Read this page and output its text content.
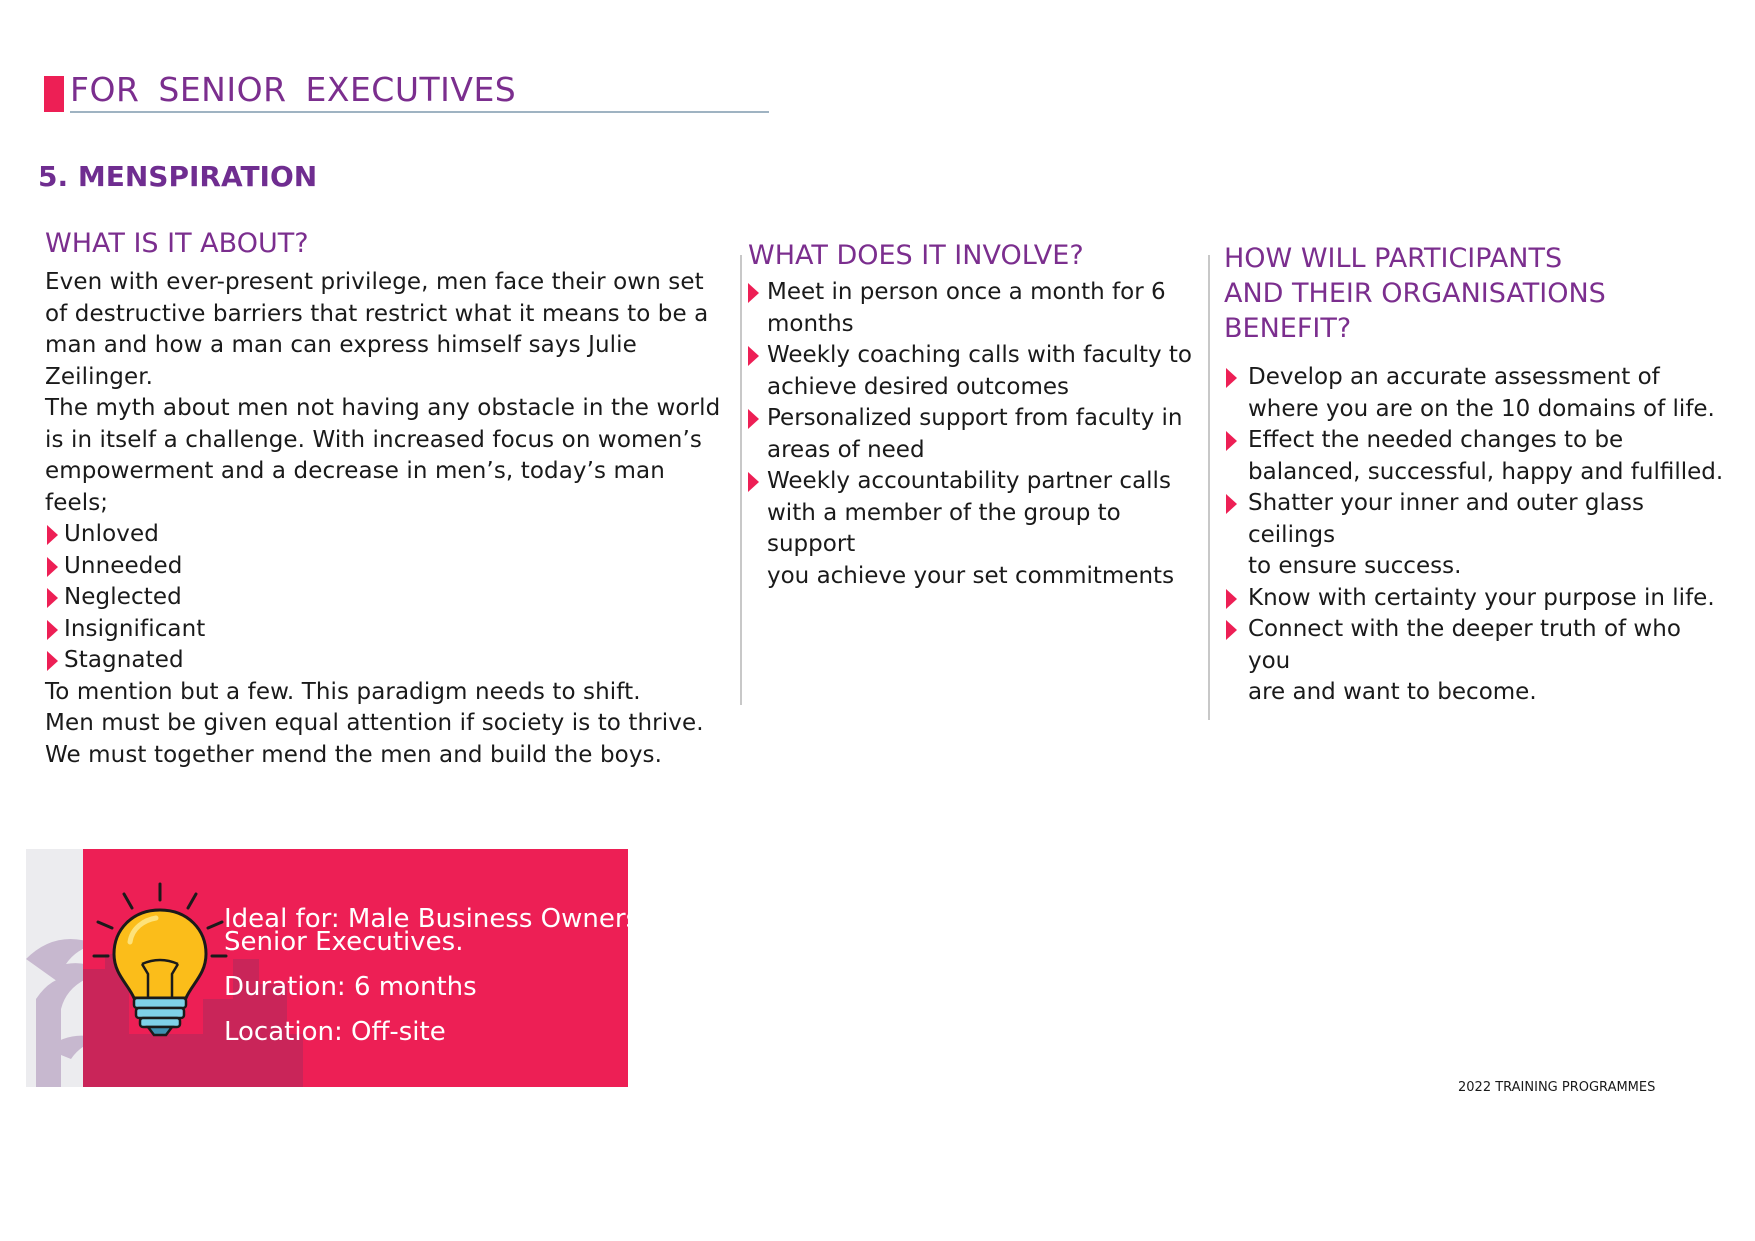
FOR SENIOR EXECUTIVES
5. MENSPIRATION
WHAT IS IT ABOUT?
Even with ever-present privilege, men face their own set
of destructive barriers that restrict what it means to be a
man and how a man can express himself says Julie Zeilinger.
The myth about men not having any obstacle in the world
is in itself a challenge. With increased focus on women’s
empowerment and a decrease in men’s, today’s man feels;
Unloved
Unneeded
Neglected
Insignificant
Stagnated
To mention but a few. This paradigm needs to shift.
Men must be given equal attention if society is to thrive.
We must together mend the men and build the boys.
WHAT DOES IT INVOLVE?
Meet in person once a month for 6
months
Weekly coaching calls with faculty to
achieve desired outcomes
Personalized support from faculty in
areas of need
Weekly accountability partner calls
with a member of the group to support
you achieve your set commitments
HOW WILL PARTICIPANTS
AND THEIR ORGANISATIONS
BENEFIT?
Develop an accurate assessment of
where you are on the 10 domains of life.
Effect the needed changes to be
balanced, successful, happy and fulfilled.
Shatter your inner and outer glass ceilings
to ensure success.
Know with certainty your purpose in life.
Connect with the deeper truth of who you
are and want to become.
Ideal for: Male Business Owners,
Senior Executives.
Duration: 6 months
Location: Off-site
2022 TRAINING PROGRAMMES
